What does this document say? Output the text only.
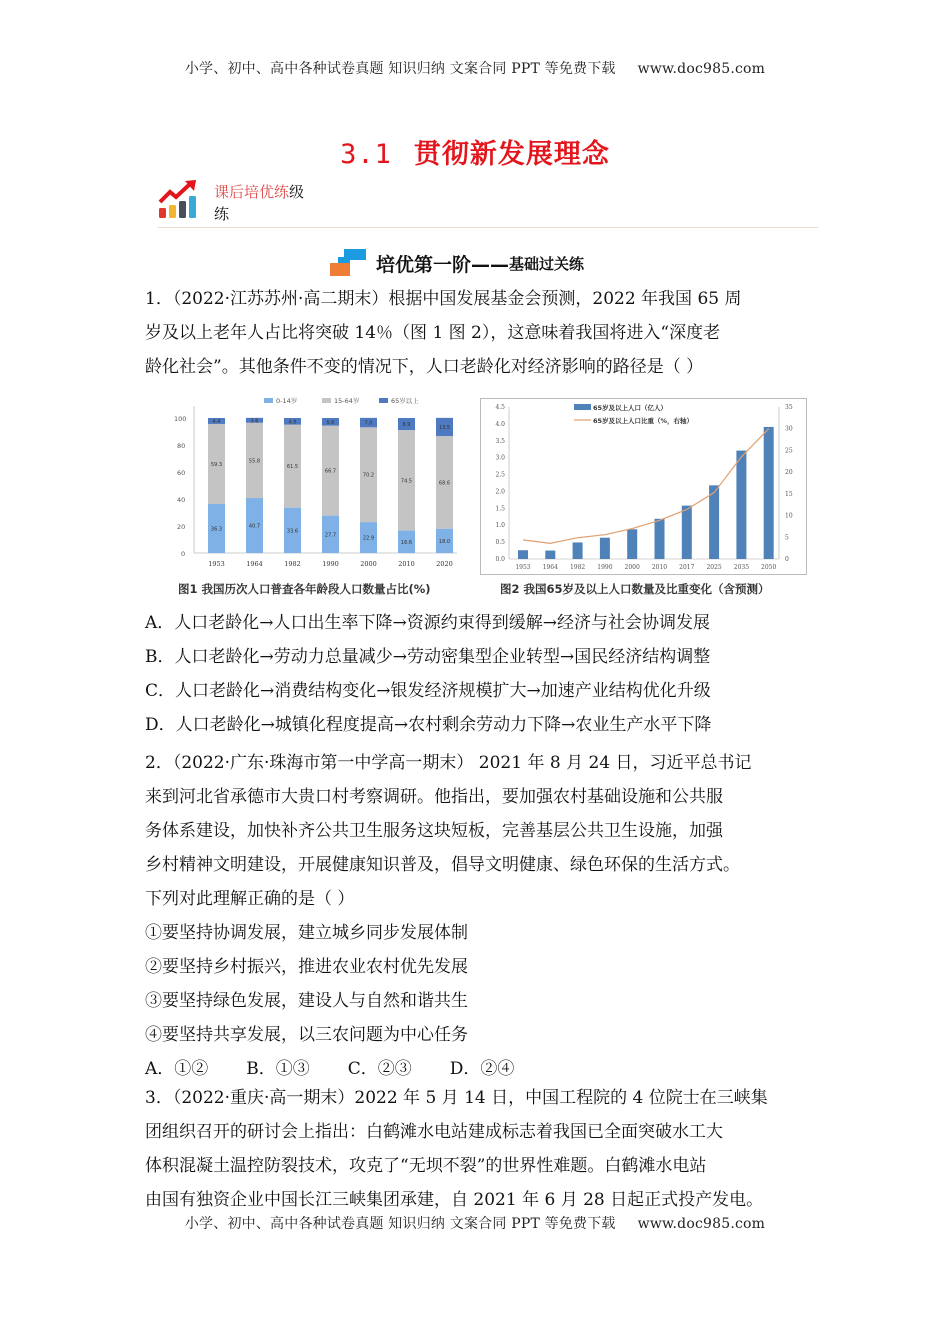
小学、初中、高中各种试卷真题 知识归纳 文案合同 PPT 等免费下载 www.doc985.com
3.1 贯彻新发展理念
课后培优练级
练
培优第一阶—— 基础过关练
1．（2022·江苏苏州·高二期末）根据中国发展基金会预测，2022 年我国 65 周
岁及以上老年人占比将突破 14％（图 1 图 2），这意味着我国将进入“深度老
龄化社会”。其他条件不变的情况下，人口老龄化对经济影响的路径是（ ）
0-14岁	15-64岁	65岁以上
100
80
60
40
20
0
36.3
59.3
4.4
40.7
55.8
3.6
33.6
61.5
4.9
27.7
66.7
5.6
22.9
70.2
7.0
16.6
74.5
8.9
18.0
68.6
13.5
1953	1964	1982	1990	2000	2010	2020
65岁及以上人口（亿人）
65岁及以上人口比重（%，右轴）
0.0
0.5
1.0
1.5
2.0
2.5
3.0
3.5
4.0
4.5
0
5
10
15
20
25
30
35
1953 1964 1982 1990 2000 2010 2017 2025 2035 2050
图1 我国历次人口普查各年龄段人口数量占比(%)	图2 我国65岁及以上人口数量及比重变化（含预测）
A．人口老龄化→人口出生率下降→资源约束得到缓解→经济与社会协调发展
B．人口老龄化→劳动力总量减少→劳动密集型企业转型→国民经济结构调整
C．人口老龄化→消费结构变化→银发经济规模扩大→加速产业结构优化升级
D．人口老龄化→城镇化程度提高→农村剩余劳动力下降→农业生产水平下降
2．（2022·广东·珠海市第一中学高一期末） 2021 年 8 月 24 日，习近平总书记
来到河北省承德市大贵口村考察调研。他指出，要加强农村基础设施和公共服
务体系建设，加快补齐公共卫生服务这块短板，完善基层公共卫生设施，加强
乡村精神文明建设，开展健康知识普及，倡导文明健康、绿色环保的生活方式。
下列对此理解正确的是（ ）
①要坚持协调发展，建立城乡同步发展体制
②要坚持乡村振兴，推进农业农村优先发展
③要坚持绿色发展，建设人与自然和谐共生
④要坚持共享发展，以三农问题为中心任务
A．①② B．①③ C．②③ D．②④
3．（2022·重庆·高一期末）2022 年 5 月 14 日，中国工程院的 4 位院士在三峡集
团组织召开的研讨会上指出：白鹤滩水电站建成标志着我国已全面突破水工大
体积混凝土温控防裂技术，攻克了“无坝不裂”的世界性难题。白鹤滩水电站
由国有独资企业中国长江三峡集团承建，自 2021 年 6 月 28 日起正式投产发电。
小学、初中、高中各种试卷真题 知识归纳 文案合同 PPT 等免费下载 www.doc985.com
